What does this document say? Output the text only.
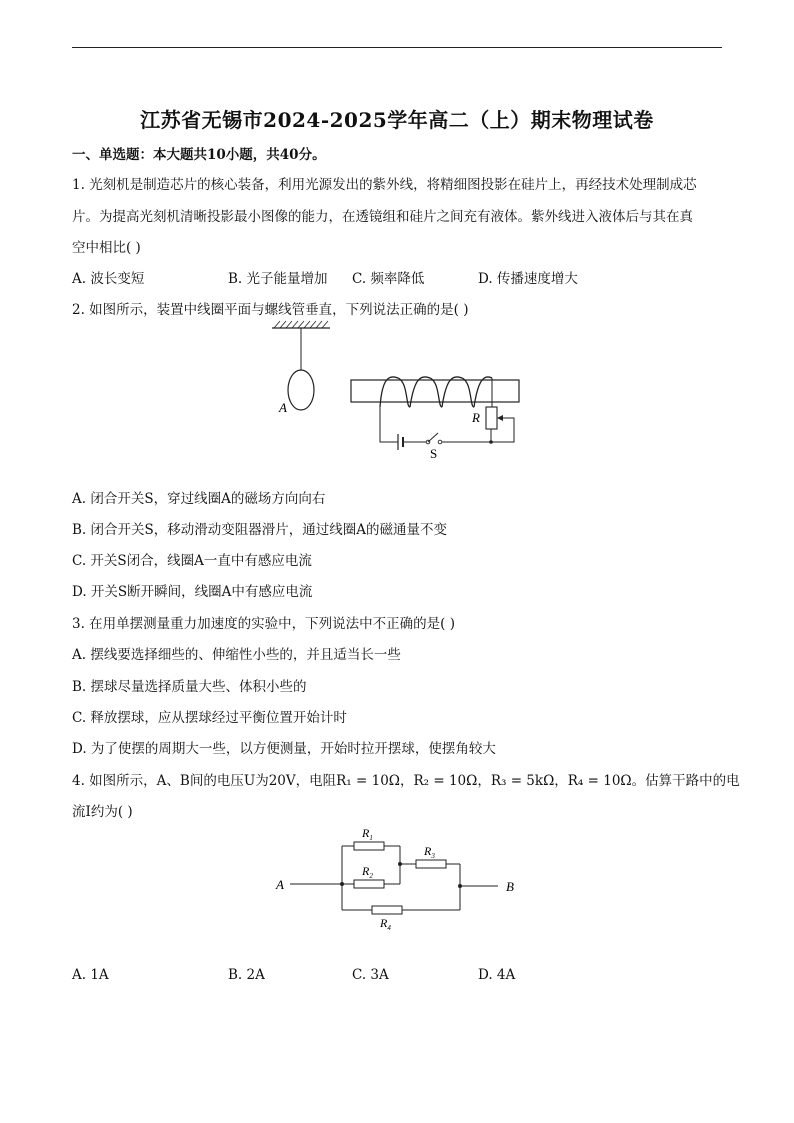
江苏省无锡市2024-2025学年高二（上）期末物理试卷
一、单选题：本大题共10小题，共40分。
1. 光刻机是制造芯片的核心装备，利用光源发出的紫外线，将精细图投影在硅片上，再经技术处理制成芯
片。为提高光刻机清晰投影最小图像的能力，在透镜组和硅片之间充有液体。紫外线进入液体后与其在真
空中相比( )
A. 波长变短	B. 光子能量增加 C. 频率降低	D. 传播速度增大
2. 如图所示，装置中线圈平面与螺线管垂直，下列说法正确的是( )
A
S
R
A. 闭合开关S，穿过线圈A的磁场方向向右
B. 闭合开关S，移动滑动变阻器滑片，通过线圈A的磁通量不变
C. 开关S闭合，线圈A一直中有感应电流
D. 开关S断开瞬间，线圈A中有感应电流
3. 在用单摆测量重力加速度的实验中，下列说法中不正确的是( )
A. 摆线要选择细些的、伸缩性小些的，并且适当长一些
B. 摆球尽量选择质量大些、体积小些的
C. 释放摆球，应从摆球经过平衡位置开始计时
D. 为了使摆的周期大一些，以方便测量，开始时拉开摆球，使摆角较大
4. 如图所示，A、B间的电压U为20V，电阻R₁ = 10Ω，R₂ = 10Ω，R₃ = 5kΩ，R₄ = 10Ω。估算干路中的电
流I约为( )
A
$R_1$
$R_2$
$R_3$
B
$R_4$
A. 1A	B. 2A	C. 3A	D. 4A
